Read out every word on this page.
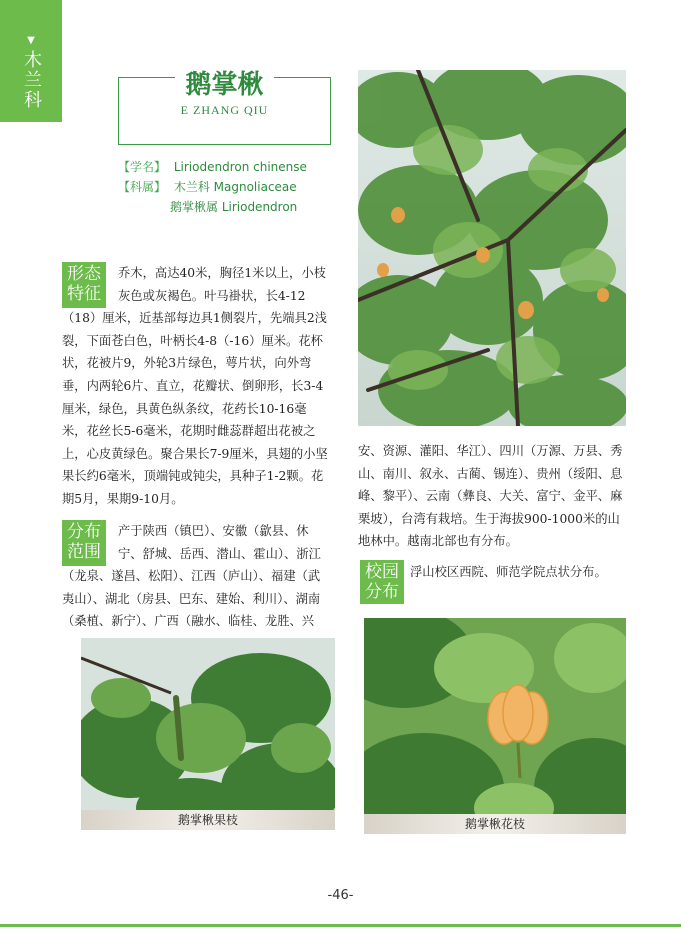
▼
木兰科	鹅掌楸
E ZHANG QIU
【学名】 Liriodendron chinense
【科属】 木兰科 Magnoliaceae
鹅掌楸属 Liriodendron
形态
特征
乔木，高达40米，胸径1米以上，小枝
灰色或灰褐色。叶马褂状，长4-12
（18）厘米，近基部每边具1侧裂片，先端具2浅
裂，下面苍白色，叶柄长4-8（-16）厘米。花杯
状，花被片9，外轮3片绿色，萼片状，向外弯
垂，内两轮6片、直立，花瓣状、倒卵形，长3-4
厘米，绿色，具黄色纵条纹，花药长10-16毫
米，花丝长5-6毫米，花期时雌蕊群超出花被之
上，心皮黄绿色。聚合果长7-9厘米，具翅的小坚
果长约6毫米，顶端钝或钝尖，具种子1-2颗。花
期5月，果期9-10月。
分布
范围
产于陕西（镇巴）、安徽（歙县、休
宁、舒城、岳西、潜山、霍山）、浙江
（龙泉、遂昌、松阳）、江西（庐山）、福建（武
夷山）、湖北（房县、巴东、建始、利川）、湖南
（桑植、新宁）、广西（融水、临桂、龙胜、兴
安、资源、灌阳、华江）、四川（万源、万县、秀
山、南川、叙永、古蔺、锡连）、贵州（绥阳、息
峰、黎平）、云南（彝良、大关、富宁、金平、麻
栗坡），台湾有栽培。生于海拔900-1000米的山
地林中。越南北部也有分布。
校园
分布
浮山校区西院、师范学院点状分布。
鹅掌楸果枝	鹅掌楸花枝
-46-
